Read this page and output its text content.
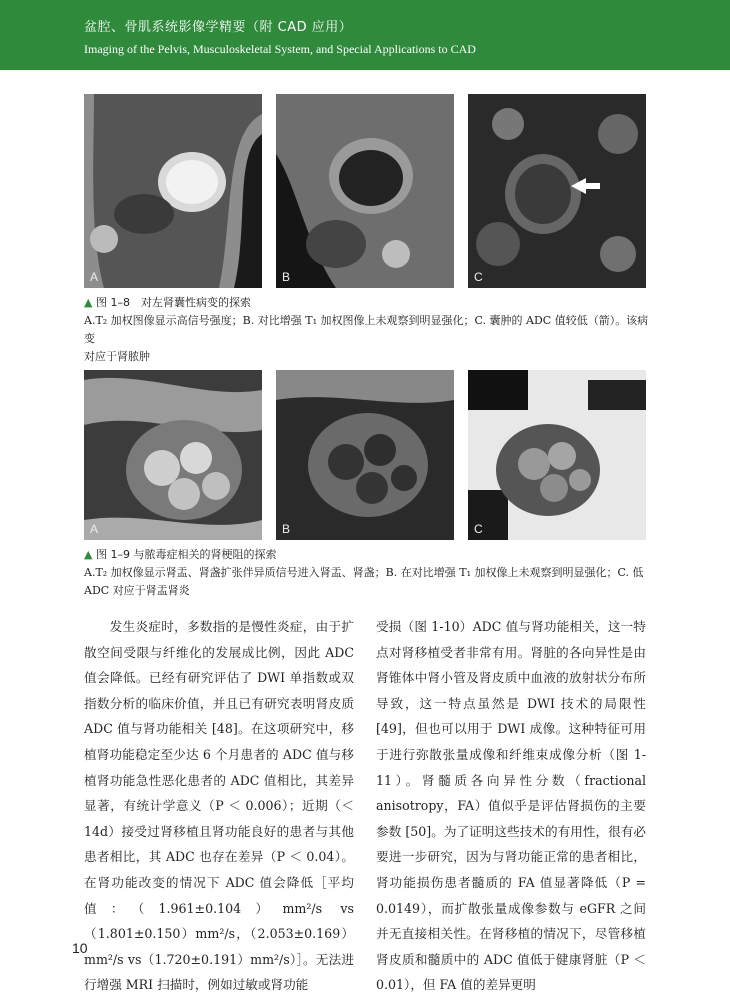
盆腔、骨肌系统影像学精要（附 CAD 应用）
Imaging of the Pelvis, Musculoskeletal System, and Special Applications to CAD
A	B	C
▲ 图 1–8　对左肾囊性病变的探索
A.T₂ 加权图像显示高信号强度；B. 对比增强 T₁ 加权图像上未观察到明显强化；C. 囊肿的 ADC 值较低（箭）。该病变
对应于肾脓肿
A	B	C
▲ 图 1–9 与脓毒症相关的肾梗阻的探索
A.T₂ 加权像显示肾盂、肾盏扩张伴异质信号进入肾盂、肾盏；B. 在对比增强 T₁ 加权像上未观察到明显强化；C. 低
ADC 对应于肾盂肾炎

　　发生炎症时，多数指的是慢性炎症，由于扩散空间受限与纤维化的发展成比例，因此 ADC 值会降低。已经有研究评估了 DWI 单指数或双指数分析的临床价值，并且已有研究表明肾皮质 ADC 值与肾功能相关 [48]。在这项研究中，移植肾功能稳定至少达 6 个月患者的 ADC 值与移植肾功能急性恶化患者的 ADC 值相比，其差异显著，有统计学意义（P ＜ 0.006）；近期（＜ 14d）接受过肾移植且肾功能良好的患者与其他患者相比，其 ADC 也存在差异（P ＜ 0.04）。在肾功能改变的情况下 ADC 值会降低［平均值：（1.961±0.104）mm²/s vs（1.801±0.150）mm²/s，（2.053±0.169）mm²/s vs（1.720±0.191）mm²/s）］。无法进行增强 MRI 扫描时，例如过敏或肾功能

受损（图 1-10）ADC 值与肾功能相关，这一特点对肾移植受者非常有用。肾脏的各向异性是由肾锥体中肾小管及肾皮质中血液的放射状分布所导致，这一特点虽然是 DWI 技术的局限性 [49]，但也可以用于 DWI 成像。这种特征可用于进行弥散张量成像和纤维束成像分析（图 1-11）。肾髓质各向异性分数（fractional anisotropy，FA）值似乎是评估肾损伤的主要参数 [50]。为了证明这些技术的有用性，很有必要进一步研究，因为与肾功能正常的患者相比，肾功能损伤患者髓质的 FA 值显著降低（P = 0.0149），而扩散张量成像参数与 eGFR 之间并无直接相关性。在肾移植的情况下，尽管移植肾皮质和髓质中的 ADC 值低于健康肾脏（P ＜ 0.01），但 FA 值的差异更明

10
